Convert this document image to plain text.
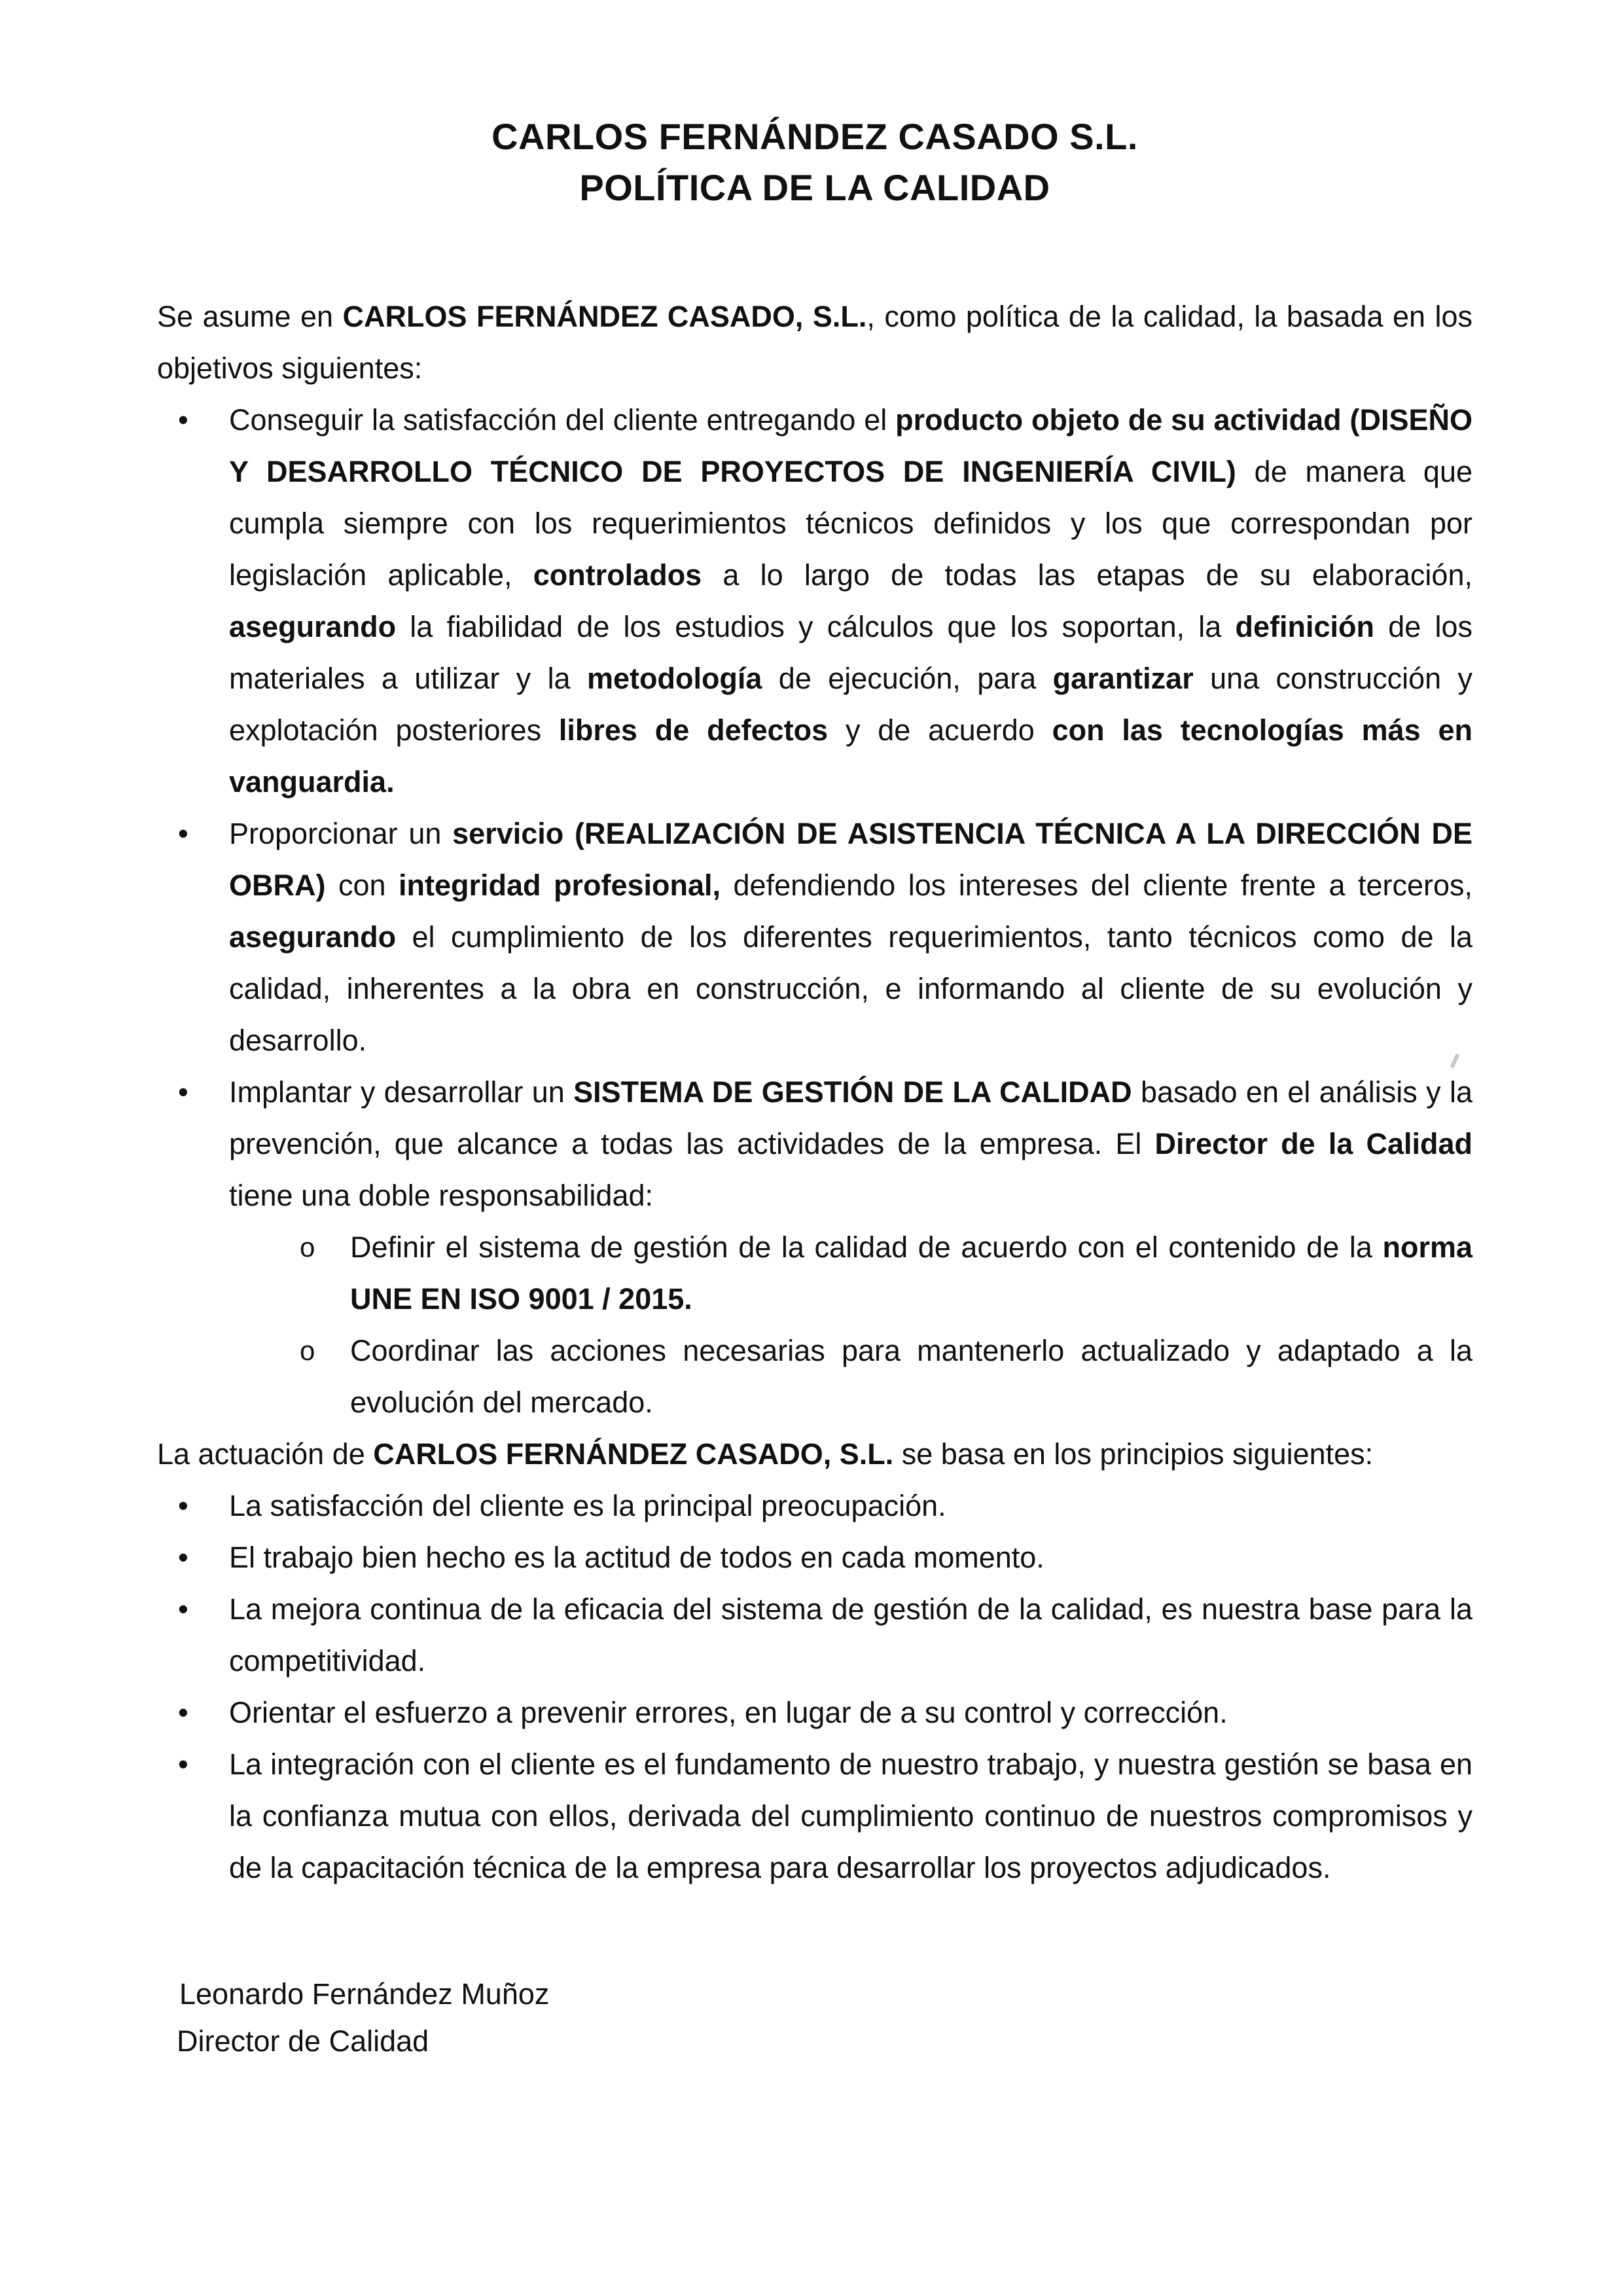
CARLOS FERNÁNDEZ CASADO S.L.
POLÍTICA DE LA CALIDAD

Se asume en CARLOS FERNÁNDEZ CASADO, S.L., como política de la calidad, la basada en los objetivos siguientes:

• Conseguir la satisfacción del cliente entregando el producto objeto de su actividad (DISEÑO Y DESARROLLO TÉCNICO DE PROYECTOS DE INGENIERÍA CIVIL) de manera que cumpla siempre con los requerimientos técnicos definidos y los que correspondan por legislación aplicable, controlados a lo largo de todas las etapas de su elaboración, asegurando la fiabilidad de los estudios y cálculos que los soportan, la definición de los materiales a utilizar y la metodología de ejecución, para garantizar una construcción y explotación posteriores libres de defectos y de acuerdo con las tecnologías más en vanguardia.
• Proporcionar un servicio (REALIZACIÓN DE ASISTENCIA TÉCNICA A LA DIRECCIÓN DE OBRA) con integridad profesional, defendiendo los intereses del cliente frente a terceros, asegurando el cumplimiento de los diferentes requerimientos, tanto técnicos como de la calidad, inherentes a la obra en construcción, e informando al cliente de su evolución y desarrollo.
• Implantar y desarrollar un SISTEMA DE GESTIÓN DE LA CALIDAD basado en el análisis y la prevención, que alcance a todas las actividades de la empresa. El Director de la Calidad tiene una doble responsabilidad:
o Definir el sistema de gestión de la calidad de acuerdo con el contenido de la norma UNE EN ISO 9001 / 2015.
o Coordinar las acciones necesarias para mantenerlo actualizado y adaptado a la evolución del mercado.

La actuación de CARLOS FERNÁNDEZ CASADO, S.L. se basa en los principios siguientes:

• La satisfacción del cliente es la principal preocupación.
• El trabajo bien hecho es la actitud de todos en cada momento.
• La mejora continua de la eficacia del sistema de gestión de la calidad, es nuestra base para la competitividad.
• Orientar el esfuerzo a prevenir errores, en lugar de a su control y corrección.
• La integración con el cliente es el fundamento de nuestro trabajo, y nuestra gestión se basa en la confianza mutua con ellos, derivada del cumplimiento continuo de nuestros compromisos y de la capacitación técnica de la empresa para desarrollar los proyectos adjudicados.
Leonardo Fernández Muñoz
Director de Calidad
